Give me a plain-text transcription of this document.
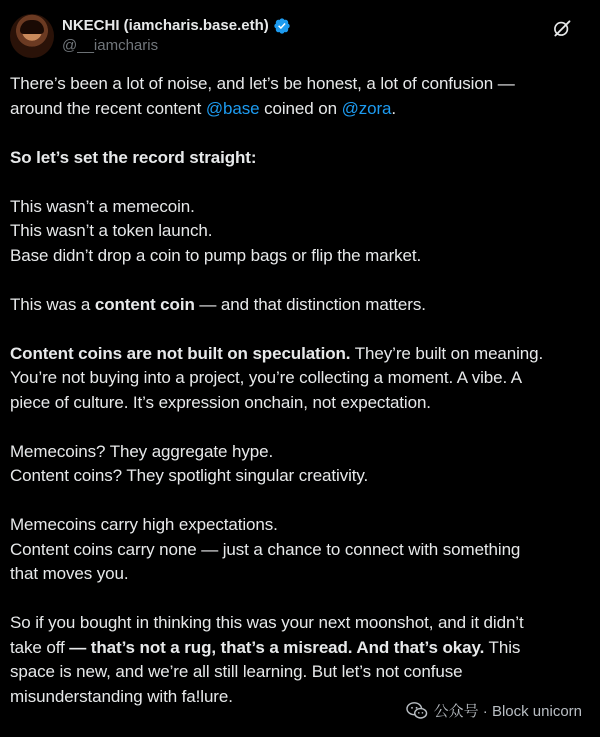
NKECHI (iamcharis.base.eth)
@__iamcharis
There’s been a lot of noise, and let’s be honest, a lot of confusion —
around the recent content @base coined on @zora.
So let’s set the record straight:
This wasn’t a memecoin.
This wasn’t a token launch.
Base didn’t drop a coin to pump bags or flip the market.
This was a content coin — and that distinction matters.
Content coins are not built on speculation. They’re built on meaning.
You’re not buying into a project, you’re collecting a moment. A vibe. A
piece of culture. It’s expression onchain, not expectation.
Memecoins? They aggregate hype.
Content coins? They spotlight singular creativity.
Memecoins carry high expectations.
Content coins carry none — just a chance to connect with something
that moves you.
So if you bought in thinking this was your next moonshot, and it didn’t
take off — that’s not a rug, that’s a misread. And that’s okay. This
space is new, and we’re all still learning. But let’s not confuse
misunderstanding with fa!lure.
公众号 · Block unicorn
